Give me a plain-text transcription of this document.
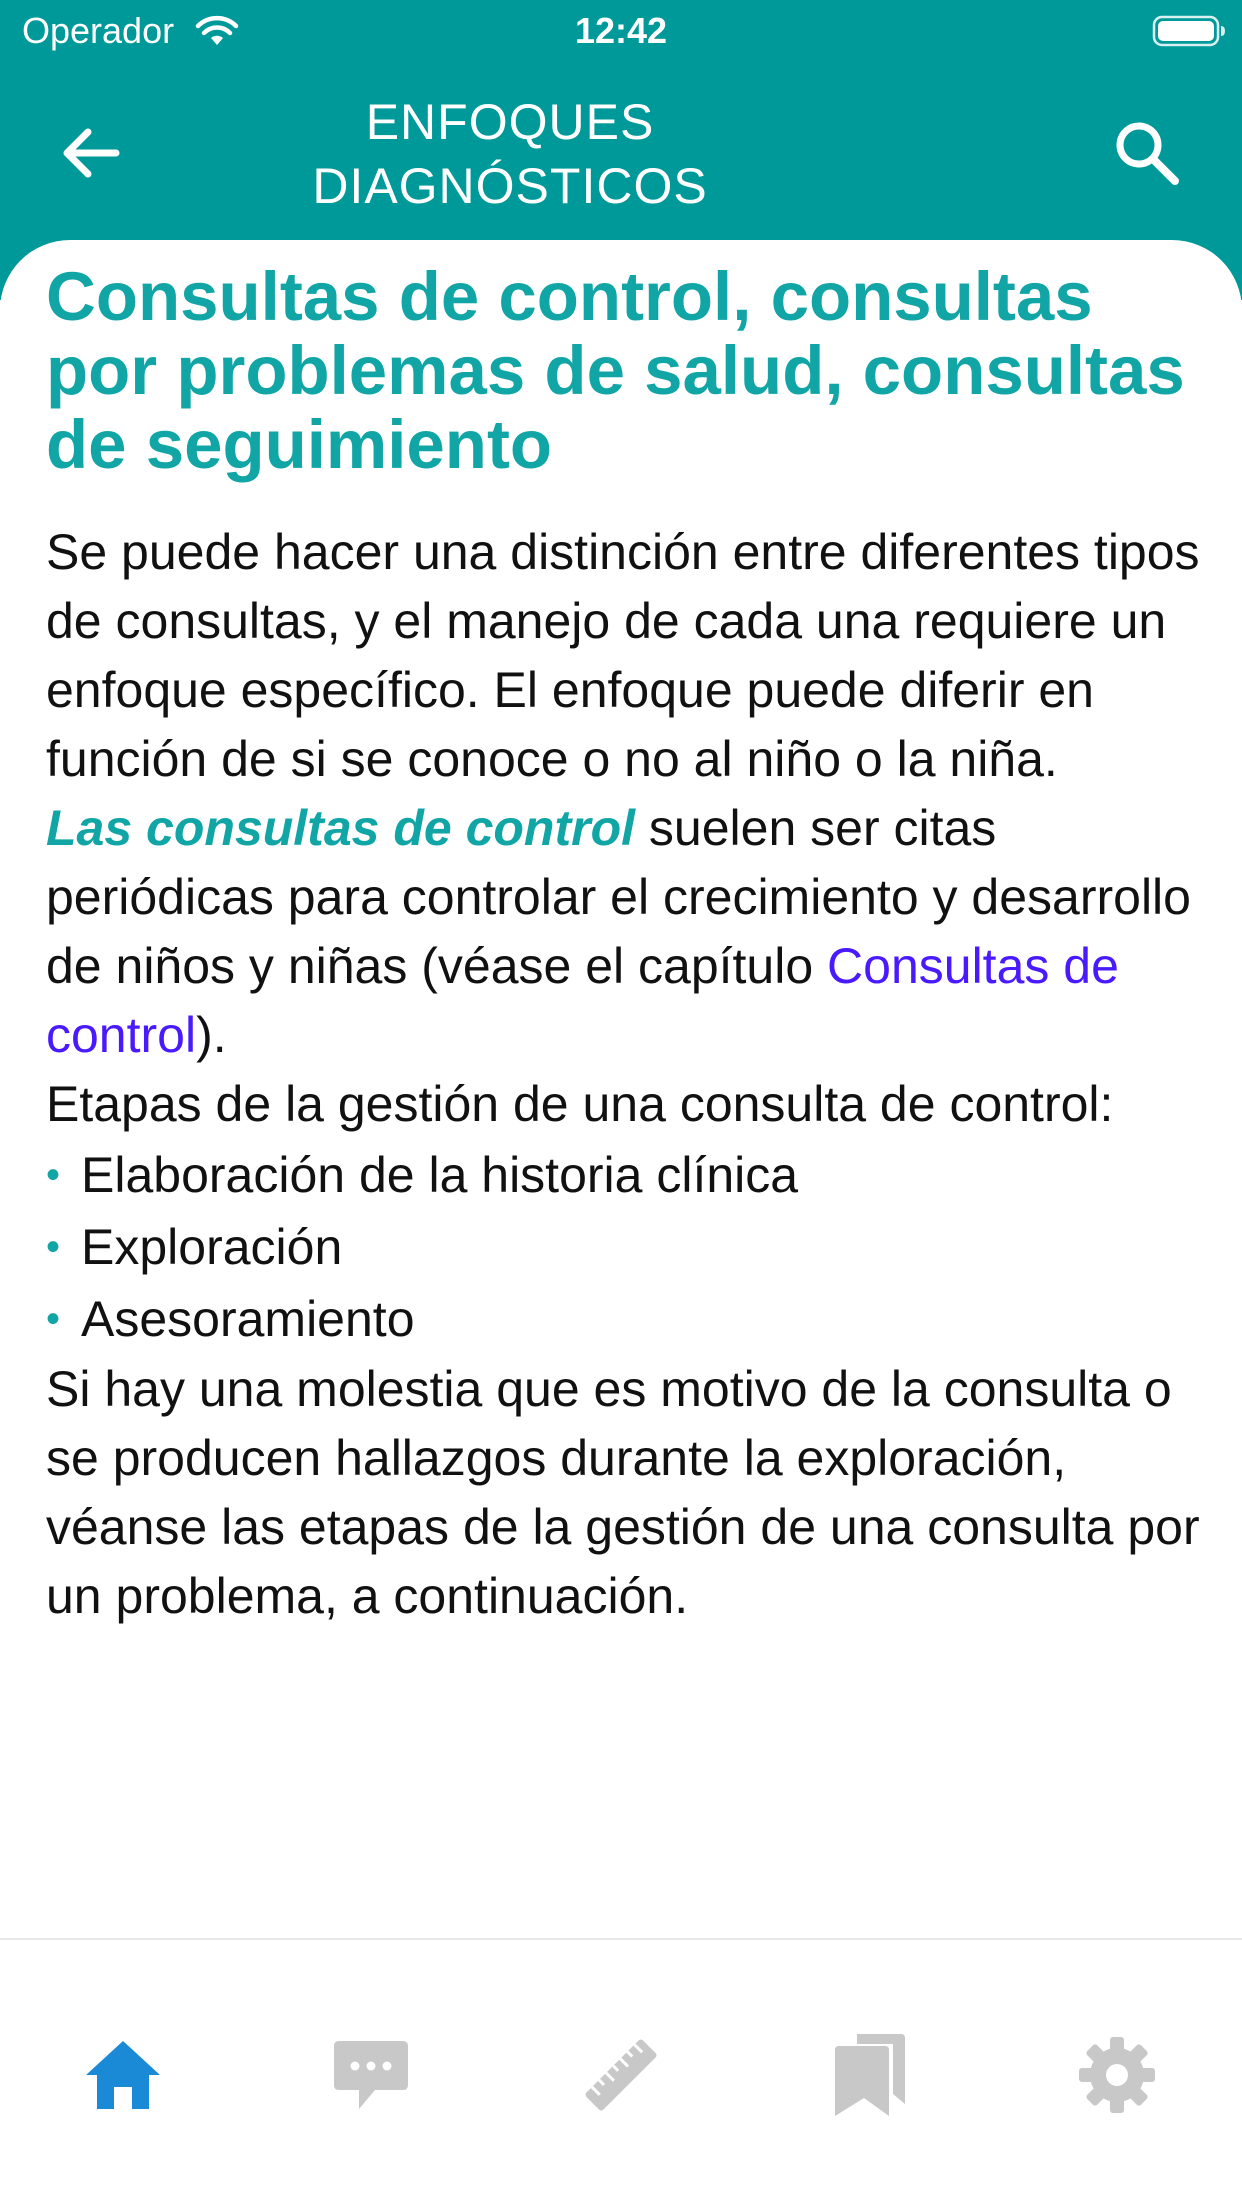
Operador	12:42
ENFOQUES
DIAGNÓSTICOS
Consultas de control, consultas por problemas de salud, consultas de seguimiento

Se puede hacer una distinción entre diferentes tipos de consultas, y el manejo de cada una requiere un enfoque específico. El enfoque puede diferir en función de si se conoce o no al niño o la niña.

Las consultas de control suelen ser citas periódicas para controlar el crecimiento y desarrollo de niños y niñas (véase el capítulo Consultas de control).

Etapas de la gestión de una consulta de control:

• Elaboración de la historia clínica
• Exploración
• Asesoramiento

Si hay una molestia que es motivo de la consulta o se producen hallazgos durante la exploración, véanse las etapas de la gestión de una consulta por un problema, a continuación.
